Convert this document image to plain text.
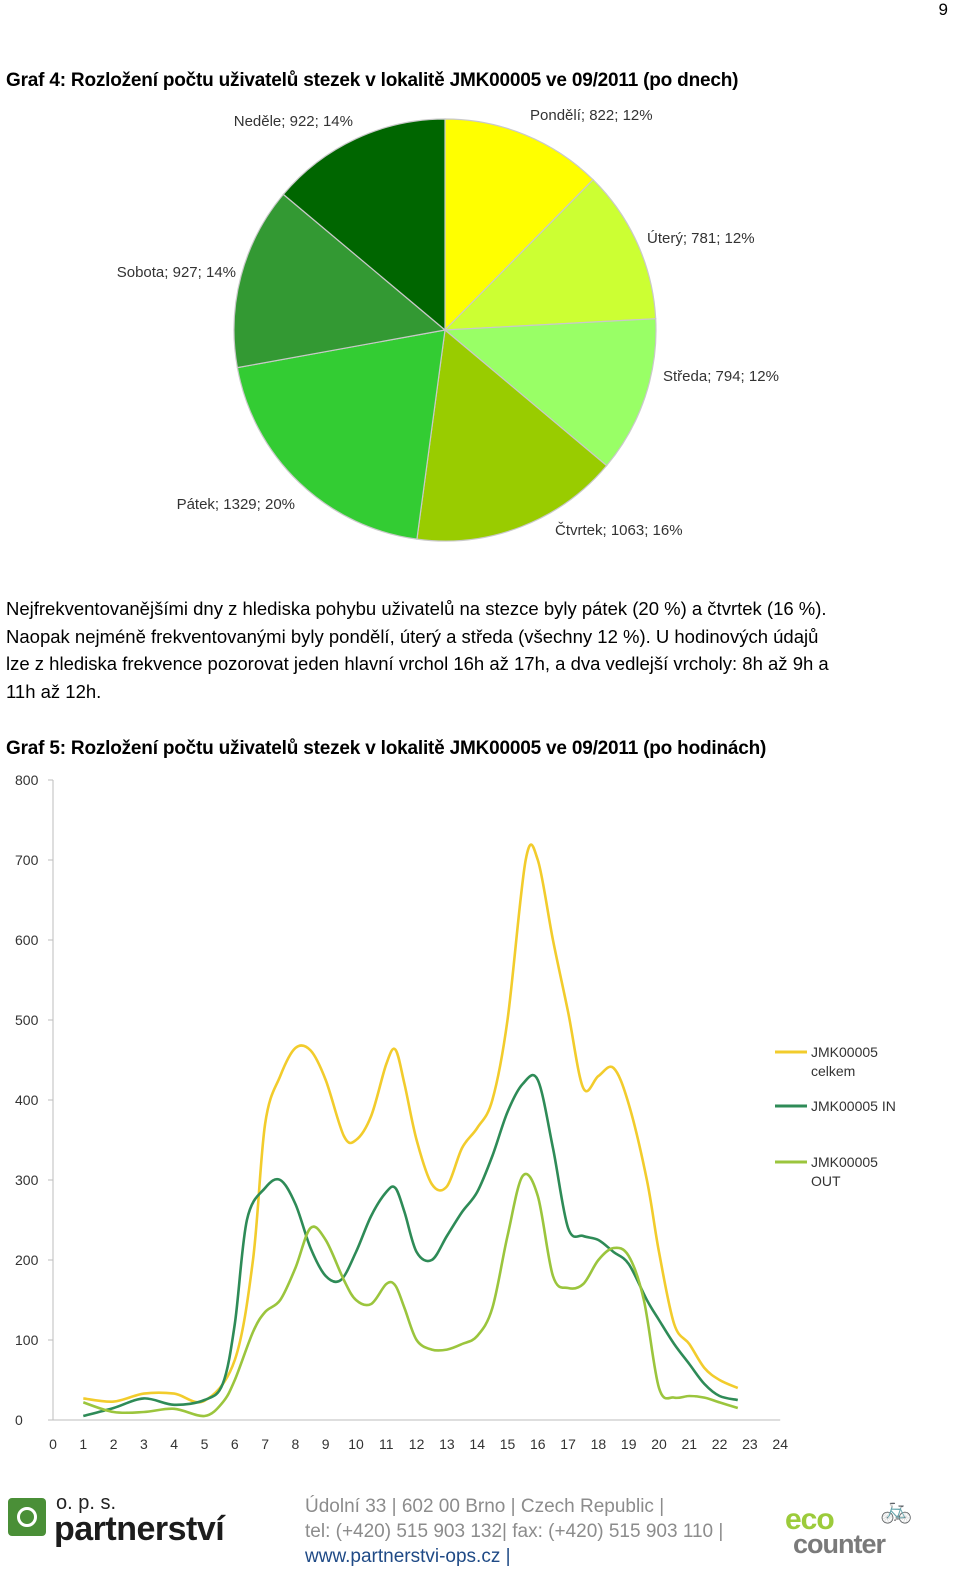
9
Graf 4: Rozložení počtu uživatelů stezek v lokalitě JMK00005 ve 09/2011 (po dnech)
Pondělí; 822; 12%
Úterý; 781; 12%
Středa; 794; 12%
Čtvrtek; 1063; 16%
Pátek; 1329; 20%
Sobota; 927; 14%
Neděle; 922; 14%

Nejfrekventovanějšími dny z hlediska pohybu uživatelů na stezce byly pátek (20 %) a čtvrtek (16 %).
Naopak nejméně frekventovanými byly pondělí, úterý a středa (všechny 12 %). U hodinových údajů
lze z hlediska frekvence pozorovat jeden hlavní vrchol 16h až 17h, a dva vedlejší vrcholy: 8h až 9h a
11h až 12h.

Graf 5: Rozložení počtu uživatelů stezek v lokalitě JMK00005 ve 09/2011 (po hodinách)
0
100
200
300
400
500
600
700
800
0 1 2 3 4 5 6 7 8 9 10 11 12 13 14 15 16 17 18 19 20 21 22 23 24
JMK00005
celkem
JMK00005 IN
JMK00005
OUT
o. p. s.
partnerství
Údolní 33 | 602 00 Brno | Czech Republic |
tel: (+420) 515 903 132| fax: (+420) 515 903 110 |
www.partnerstvi-ops.cz |
🚲
eco
counter
